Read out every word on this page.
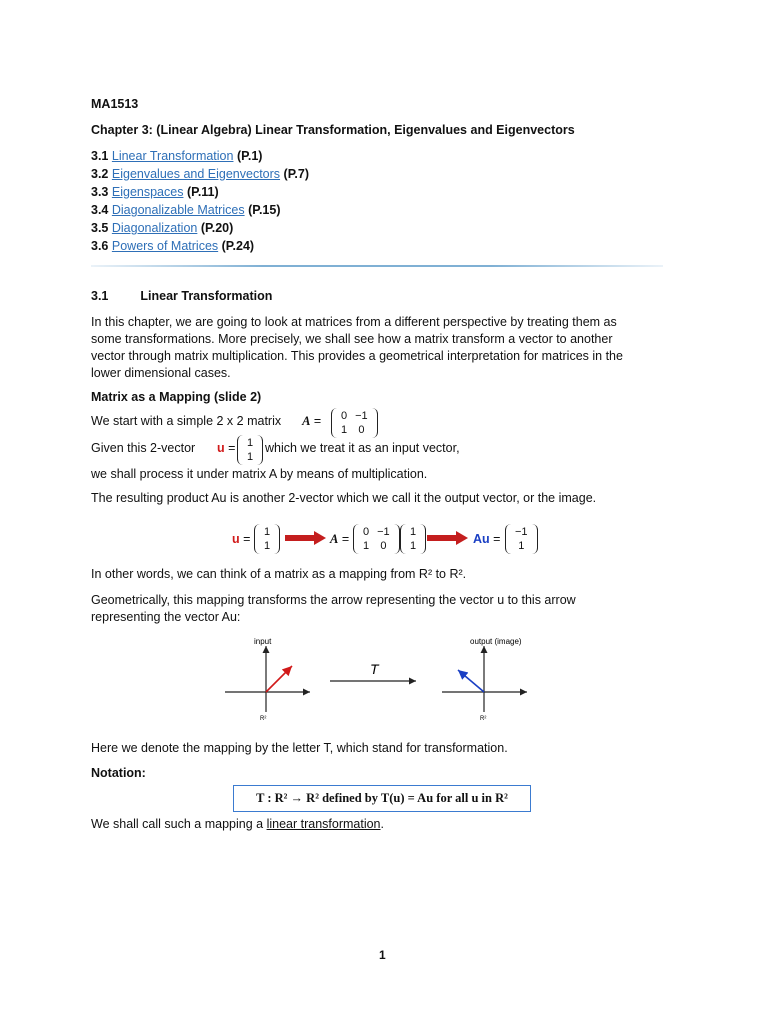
MA1513
Chapter 3: (Linear Algebra) Linear Transformation, Eigenvalues and Eigenvectors
3.1 Linear Transformation (P.1)
3.2 Eigenvalues and Eigenvectors (P.7)
3.3 Eigenspaces (P.11)
3.4 Diagonalizable Matrices (P.15)
3.5 Diagonalization (P.20)
3.6 Powers of Matrices (P.24)
3.1	Linear Transformation
In this chapter, we are going to look at matrices from a different perspective by treating them as
some transformations. More precisely, we shall see how a matrix transform a vector to another
vector through matrix multiplication. This provides a geometrical interpretation for matrices in the
lower dimensional cases.
Matrix as a Mapping (slide 2)
We start with a simple 2 x 2 matrix A = 0	−1
1	0
Given this 2-vector u = 1
1
which we treat it as an input vector,
we shall process it under matrix A by means of multiplication.
The resulting product Au is another 2-vector which we call it the output vector, or the image.
u = 1
1	A = 0	−1
1	0
1
1	Au = −1
1
In other words, we can think of a matrix as a mapping from R² to R².
Geometrically, this mapping transforms the arrow representing the vector u to this arrow
representing the vector Au:
input
R²
T
output (image)
R²
Here we denote the mapping by the letter T, which stand for transformation.
Notation:
T : R² → R² defined by T(u) = Au for all u in R²
We shall call such a mapping a linear transformation.
1
